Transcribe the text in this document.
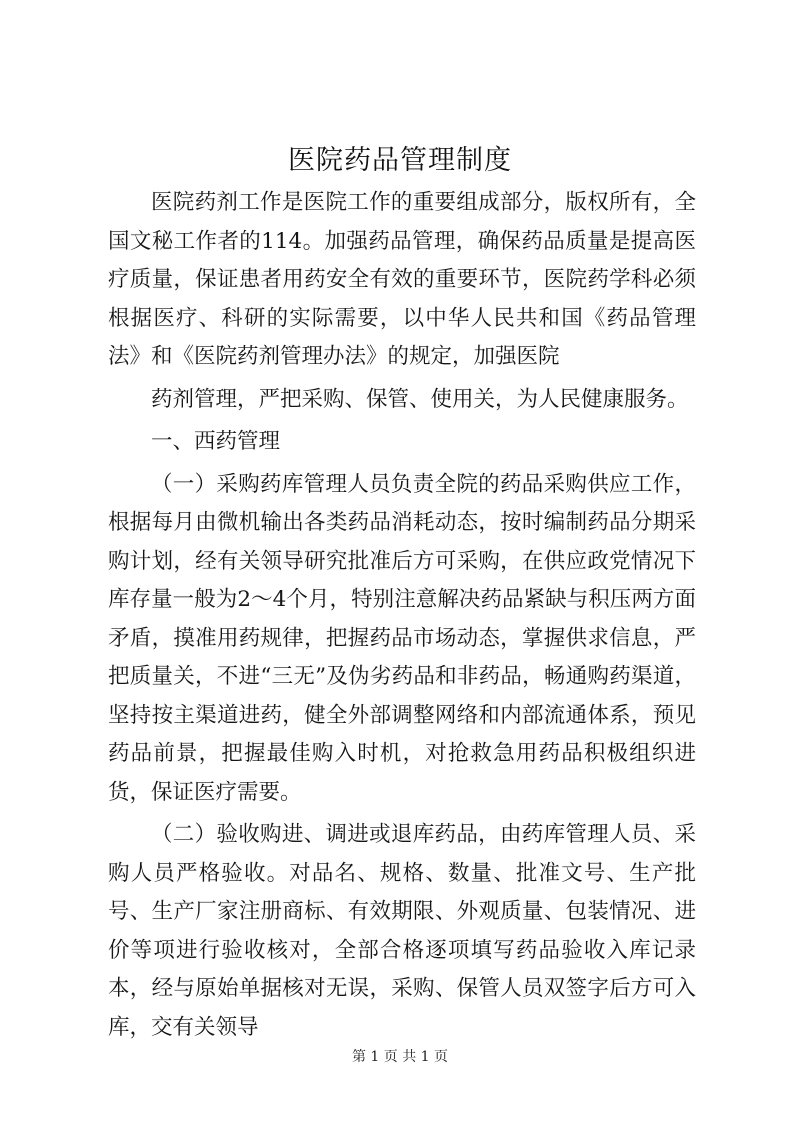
医院药品管理制度

医院药剂工作是医院工作的重要组成部分，版权所有，全国文秘工作者的114。加强药品管理，确保药品质量是提高医疗质量，保证患者用药安全有效的重要环节，医院药学科必须根据医疗、科研的实际需要，以中华人民共和国《药品管理法》和《医院药剂管理办法》的规定，加强医院

药剂管理，严把采购、保管、使用关，为人民健康服务。

一、西药管理

（一）采购药库管理人员负责全院的药品采购供应工作，根据每月由微机输出各类药品消耗动态，按时编制药品分期采购计划，经有关领导研究批准后方可采购，在供应政党情况下库存量一般为2～4个月，特别注意解决药品紧缺与积压两方面矛盾，摸准用药规律，把握药品市场动态，掌握供求信息，严把质量关，不进“三无”及伪劣药品和非药品，畅通购药渠道，坚持按主渠道进药，健全外部调整网络和内部流通体系，预见药品前景，把握最佳购入时机，对抢救急用药品积极组织进货，保证医疗需要。

（二）验收购进、调进或退库药品，由药库管理人员、采购人员严格验收。对品名、规格、数量、批准文号、生产批号、生产厂家注册商标、有效期限、外观质量、包装情况、进价等项进行验收核对，全部合格逐项填写药品验收入库记录本，经与原始单据核对无误，采购、保管人员双签字后方可入库，交有关领导

第 1 页 共 1 页
